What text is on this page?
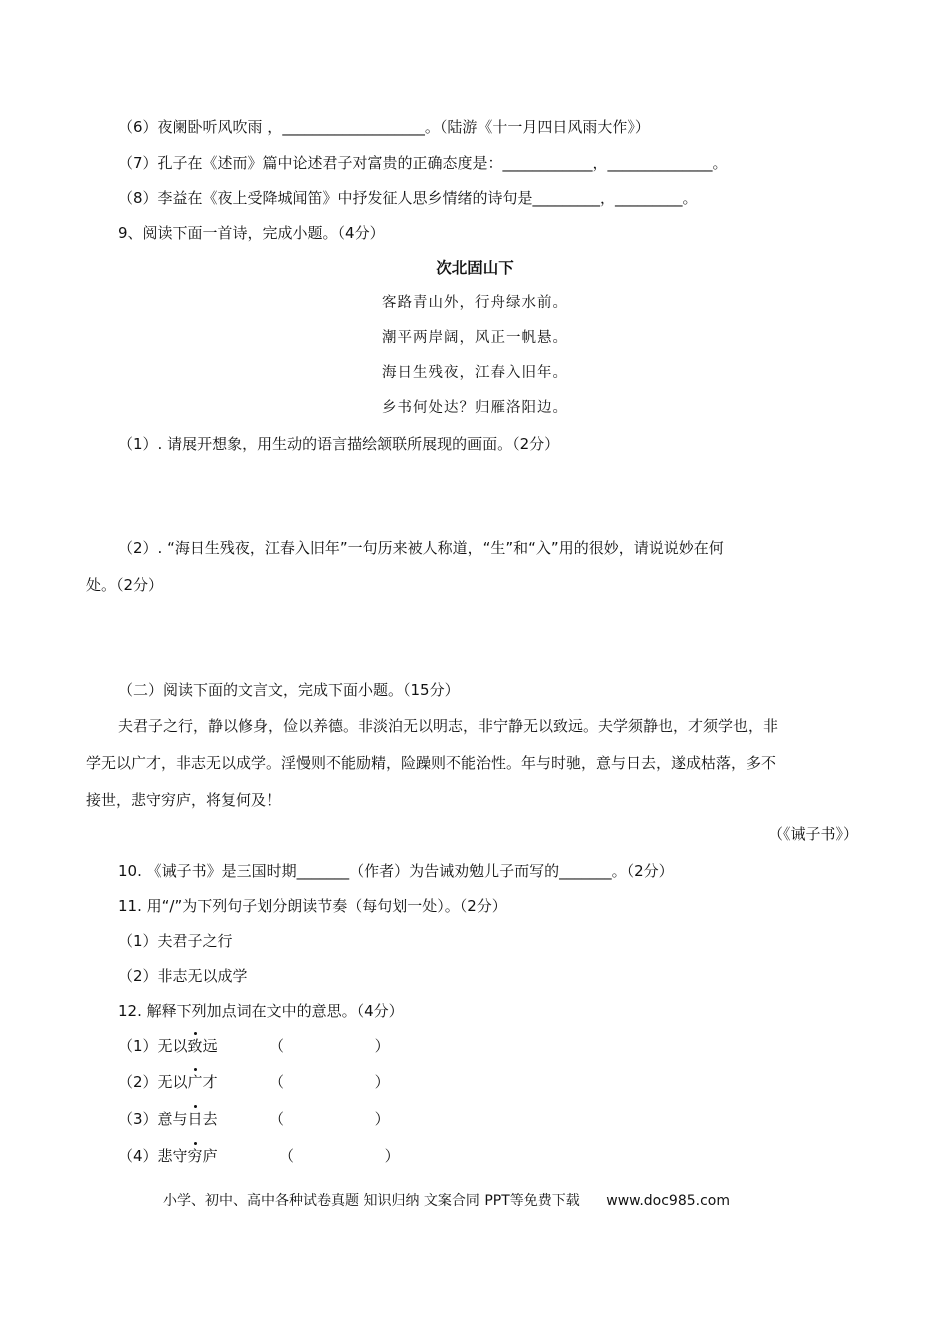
（6）夜阑卧听风吹雨 ，___________________。（陆游《十一月四日风雨大作》）
（7）孔子在《述而》篇中论述君子对富贵的正确态度是：____________，______________。
（8）李益在《夜上受降城闻笛》中抒发征人思乡情绪的诗句是_________，_________。
9、阅读下面一首诗，完成小题。（4分）
次北固山下
客路青山外，行舟绿水前。
潮平两岸阔，风正一帆悬。
海日生残夜，江春入旧年。
乡书何处达？归雁洛阳边。
（1）. 请展开想象，用生动的语言描绘颔联所展现的画面。（2分）
（2）. “海日生残夜，江春入旧年”一句历来被人称道，“生”和“入”用的很妙，请说说妙在何
处。（2分）
（二）阅读下面的文言文，完成下面小题。（15分）
夫君子之行，静以修身，俭以养德。非淡泊无以明志，非宁静无以致远。夫学须静也，才须学也，非
学无以广才，非志无以成学。淫慢则不能励精，险躁则不能治性。年与时驰，意与日去，遂成枯落，多不
接世，悲守穷庐，将复何及！
（《诫子书》）
10. 《诫子书》是三国时期_______（作者）为告诫劝勉儿子而写的_______。（2分）
11. 用“/”为下列句子划分朗读节奏（每句划一处）。（2分）
（1）夫君子之行
（2）非志无以成学
12. 解释下列加点词在文中的意思。（4分）
（1）无以致远	（                   ）
（2）无以广才	（                   ）
（3）意与日去	（                   ）
（4）悲守穷庐	（                   ）
小学、初中、高中各种试卷真题 知识归纳 文案合同 PPT等免费下载 www.doc985.com
